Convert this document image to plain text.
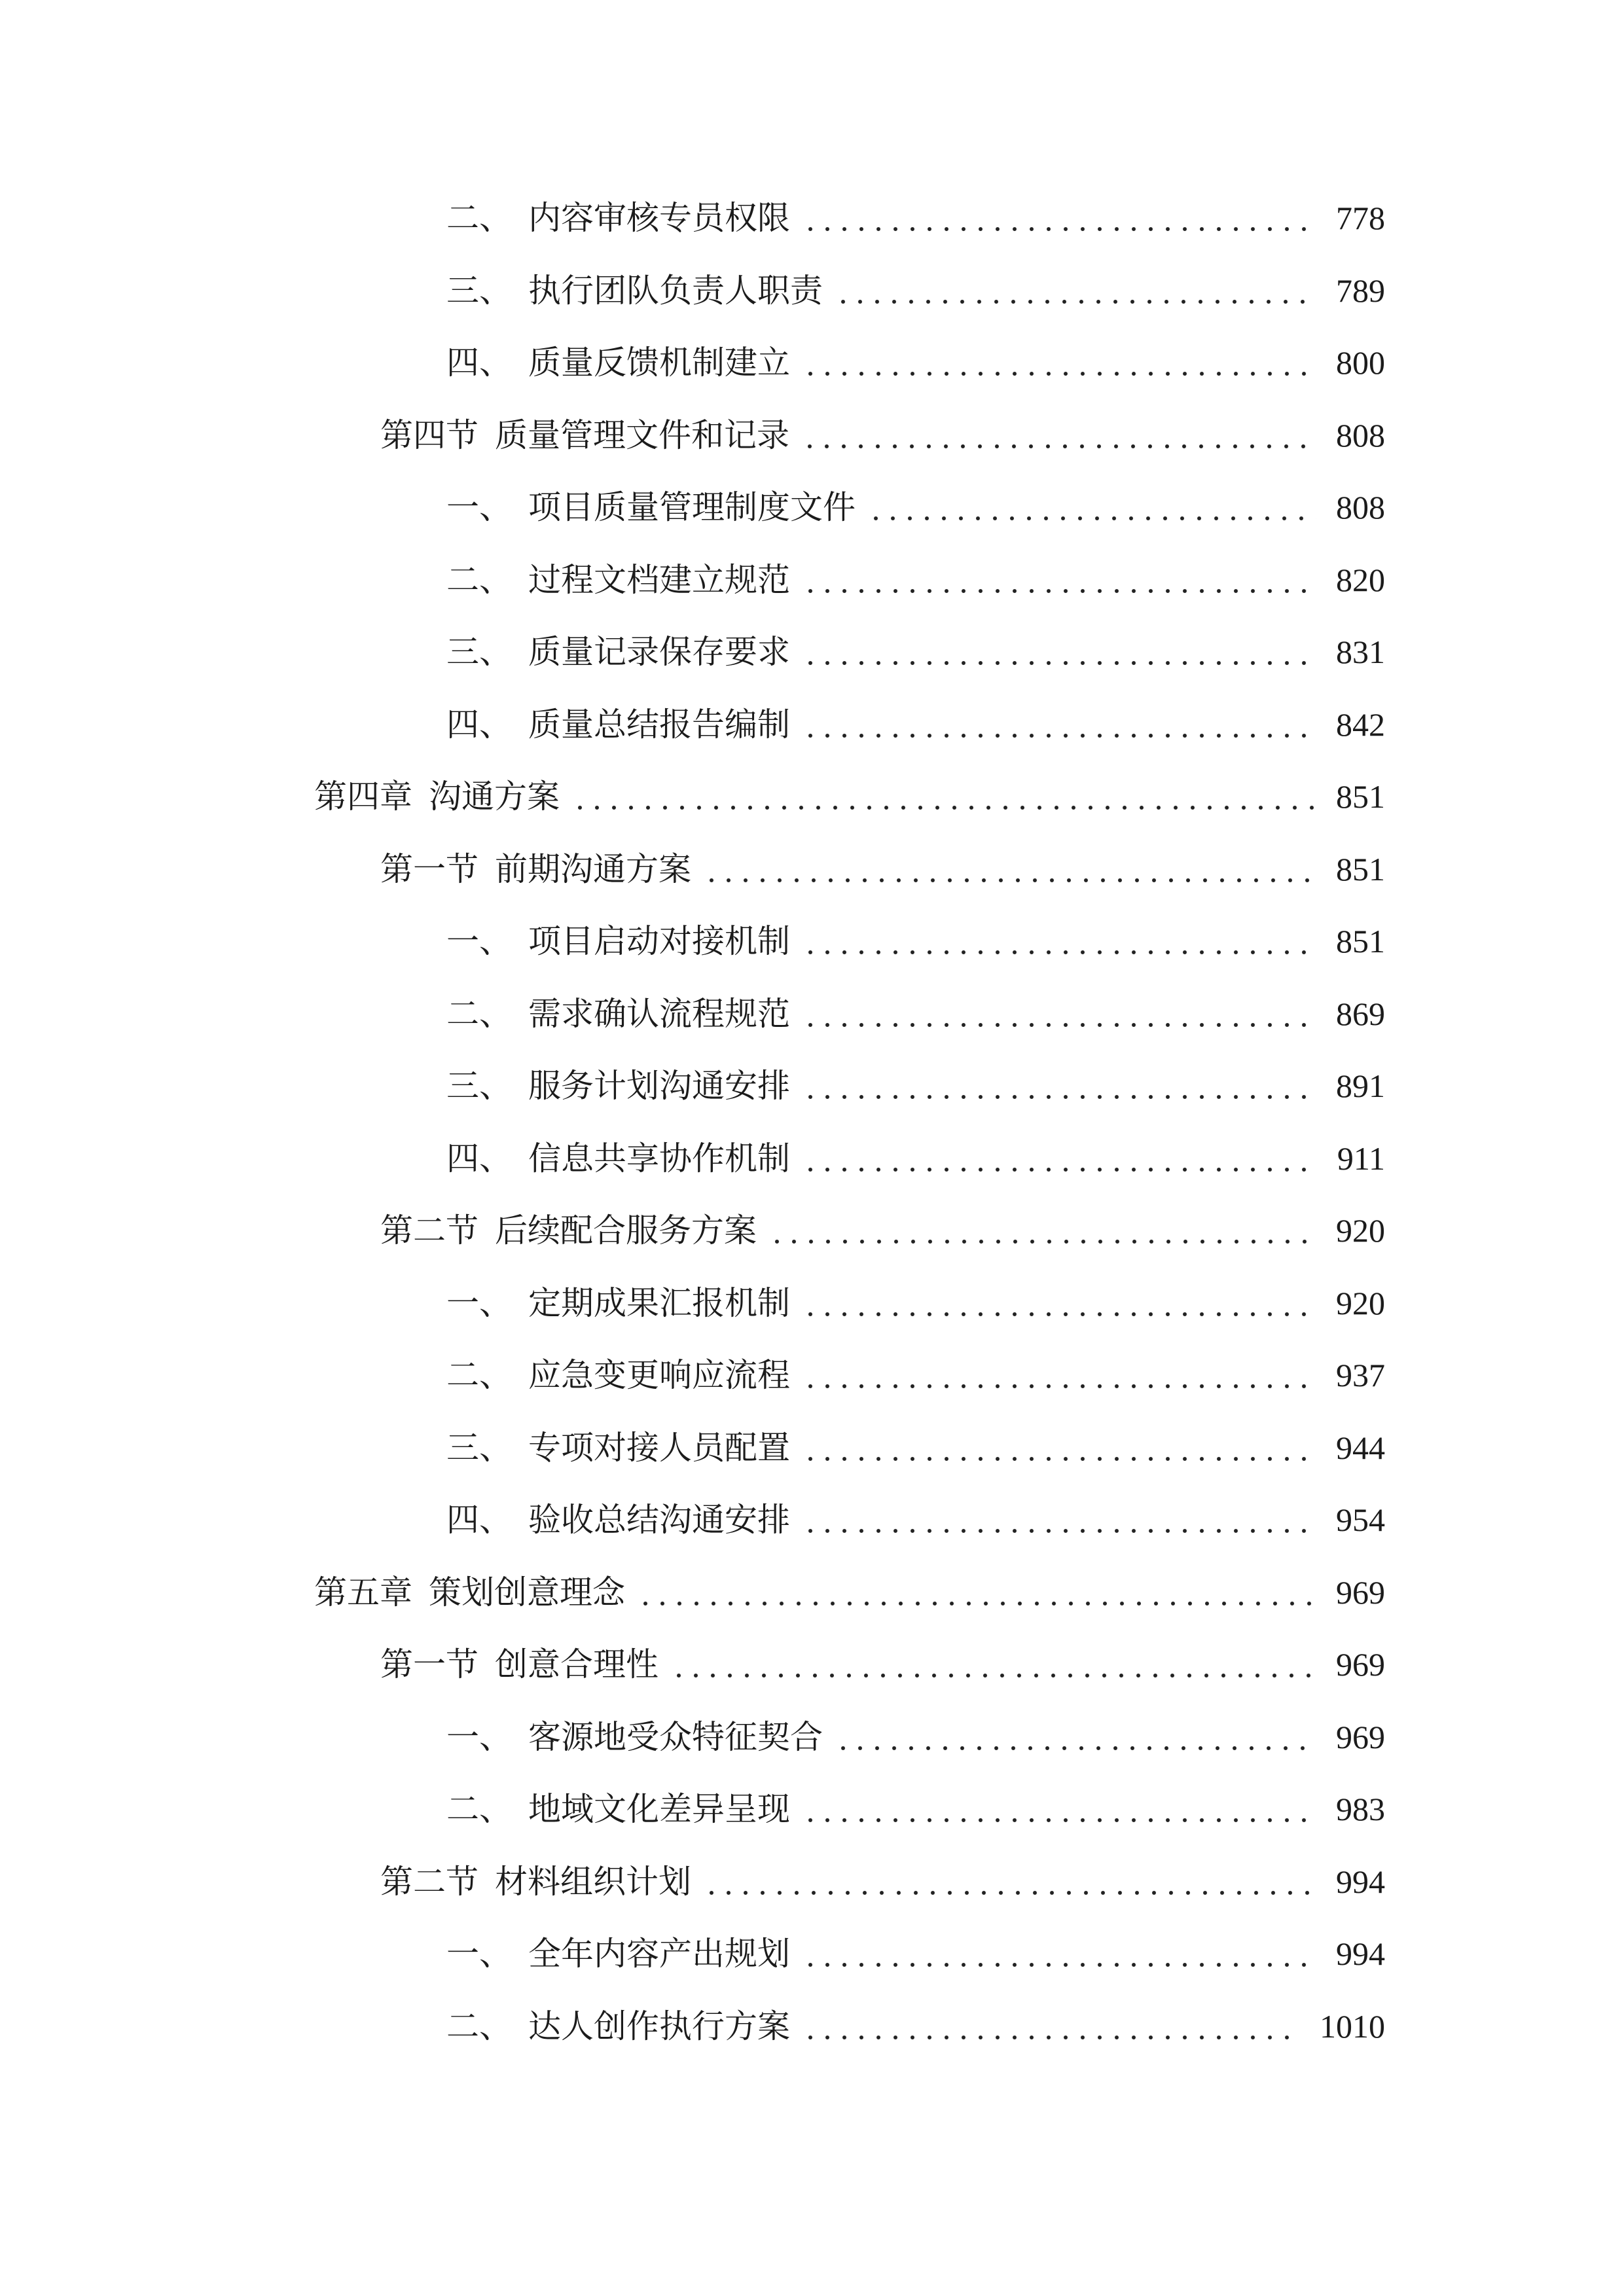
二、 内容审核专员权限	778
三、 执行团队负责人职责	789
四、 质量反馈机制建立	800
第四节 质量管理文件和记录	808
一、 项目质量管理制度文件	808
二、 过程文档建立规范	820
三、 质量记录保存要求	831
四、 质量总结报告编制	842
第四章 沟通方案	851
第一节 前期沟通方案	851
一、 项目启动对接机制	851
二、 需求确认流程规范	869
三、 服务计划沟通安排	891
四、 信息共享协作机制	911
第二节 后续配合服务方案	920
一、 定期成果汇报机制	920
二、 应急变更响应流程	937
三、 专项对接人员配置	944
四、 验收总结沟通安排	954
第五章 策划创意理念	969
第一节 创意合理性	969
一、 客源地受众特征契合	969
二、 地域文化差异呈现	983
第二节 材料组织计划	994
一、 全年内容产出规划	994
二、 达人创作执行方案	1010
